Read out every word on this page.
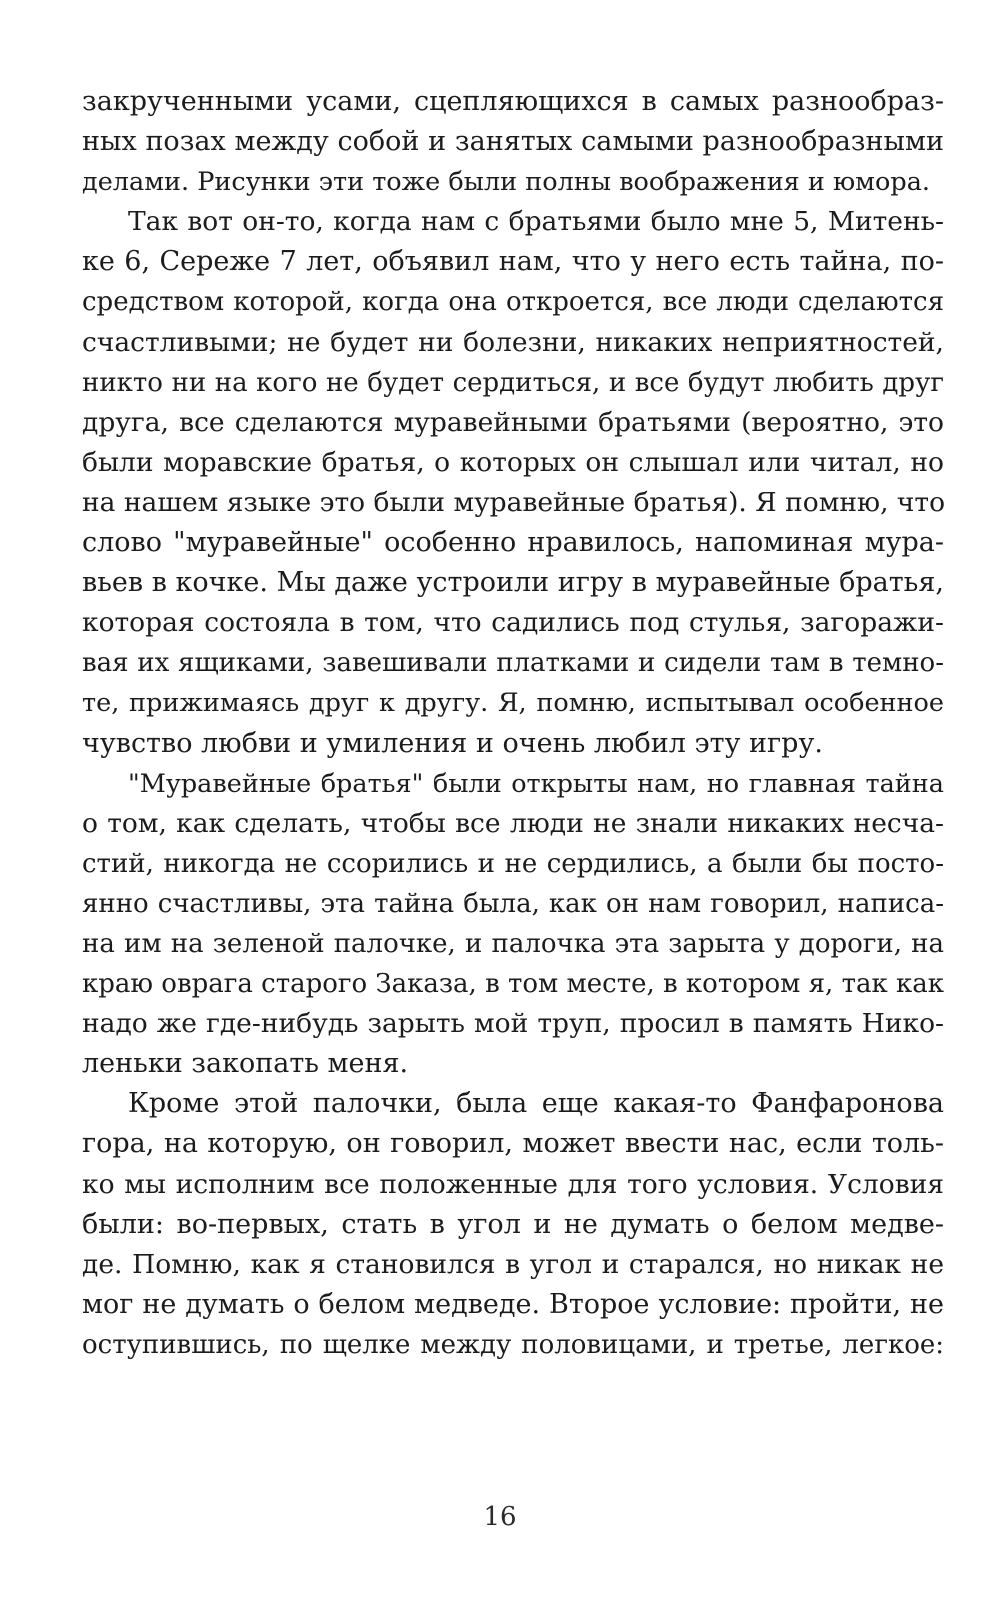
закрученными усами, сцепляющихся в самых разнообраз-
ных позах между собой и занятых самыми разнообразными
делами. Рисунки эти тоже были полны воображения и юмора.
Так вот он-то, когда нам с братьями было мне 5, Митень-
ке 6, Сереже 7 лет, объявил нам, что у него есть тайна, по-
средством которой, когда она откроется, все люди сделаются
счастливыми; не будет ни болезни, никаких неприятностей,
никто ни на кого не будет сердиться, и все будут любить друг
друга, все сделаются муравейными братьями (вероятно, это
были моравские братья, о которых он слышал или читал, но
на нашем языке это были муравейные братья). Я помню, что
слово "муравейные" особенно нравилось, напоминая мура-
вьев в кочке. Мы даже устроили игру в муравейные братья,
которая состояла в том, что садились под стулья, загоражи-
вая их ящиками, завешивали платками и сидели там в темно-
те, прижимаясь друг к другу. Я, помню, испытывал особенное
чувство любви и умиления и очень любил эту игру.
"Муравейные братья" были открыты нам, но главная тайна
о том, как сделать, чтобы все люди не знали никаких несча-
стий, никогда не ссорились и не сердились, а были бы посто-
янно счастливы, эта тайна была, как он нам говорил, написа-
на им на зеленой палочке, и палочка эта зарыта у дороги, на
краю оврага старого Заказа, в том месте, в котором я, так как
надо же где-нибудь зарыть мой труп, просил в память Нико-
леньки закопать меня.
Кроме этой палочки, была еще какая-то Фанфаронова
гора, на которую, он говорил, может ввести нас, если толь-
ко мы исполним все положенные для того условия. Условия
были: во-первых, стать в угол и не думать о белом медве-
де. Помню, как я становился в угол и старался, но никак не
мог не думать о белом медведе. Второе условие: пройти, не
оступившись, по щелке между половицами, и третье, легкое:
16
